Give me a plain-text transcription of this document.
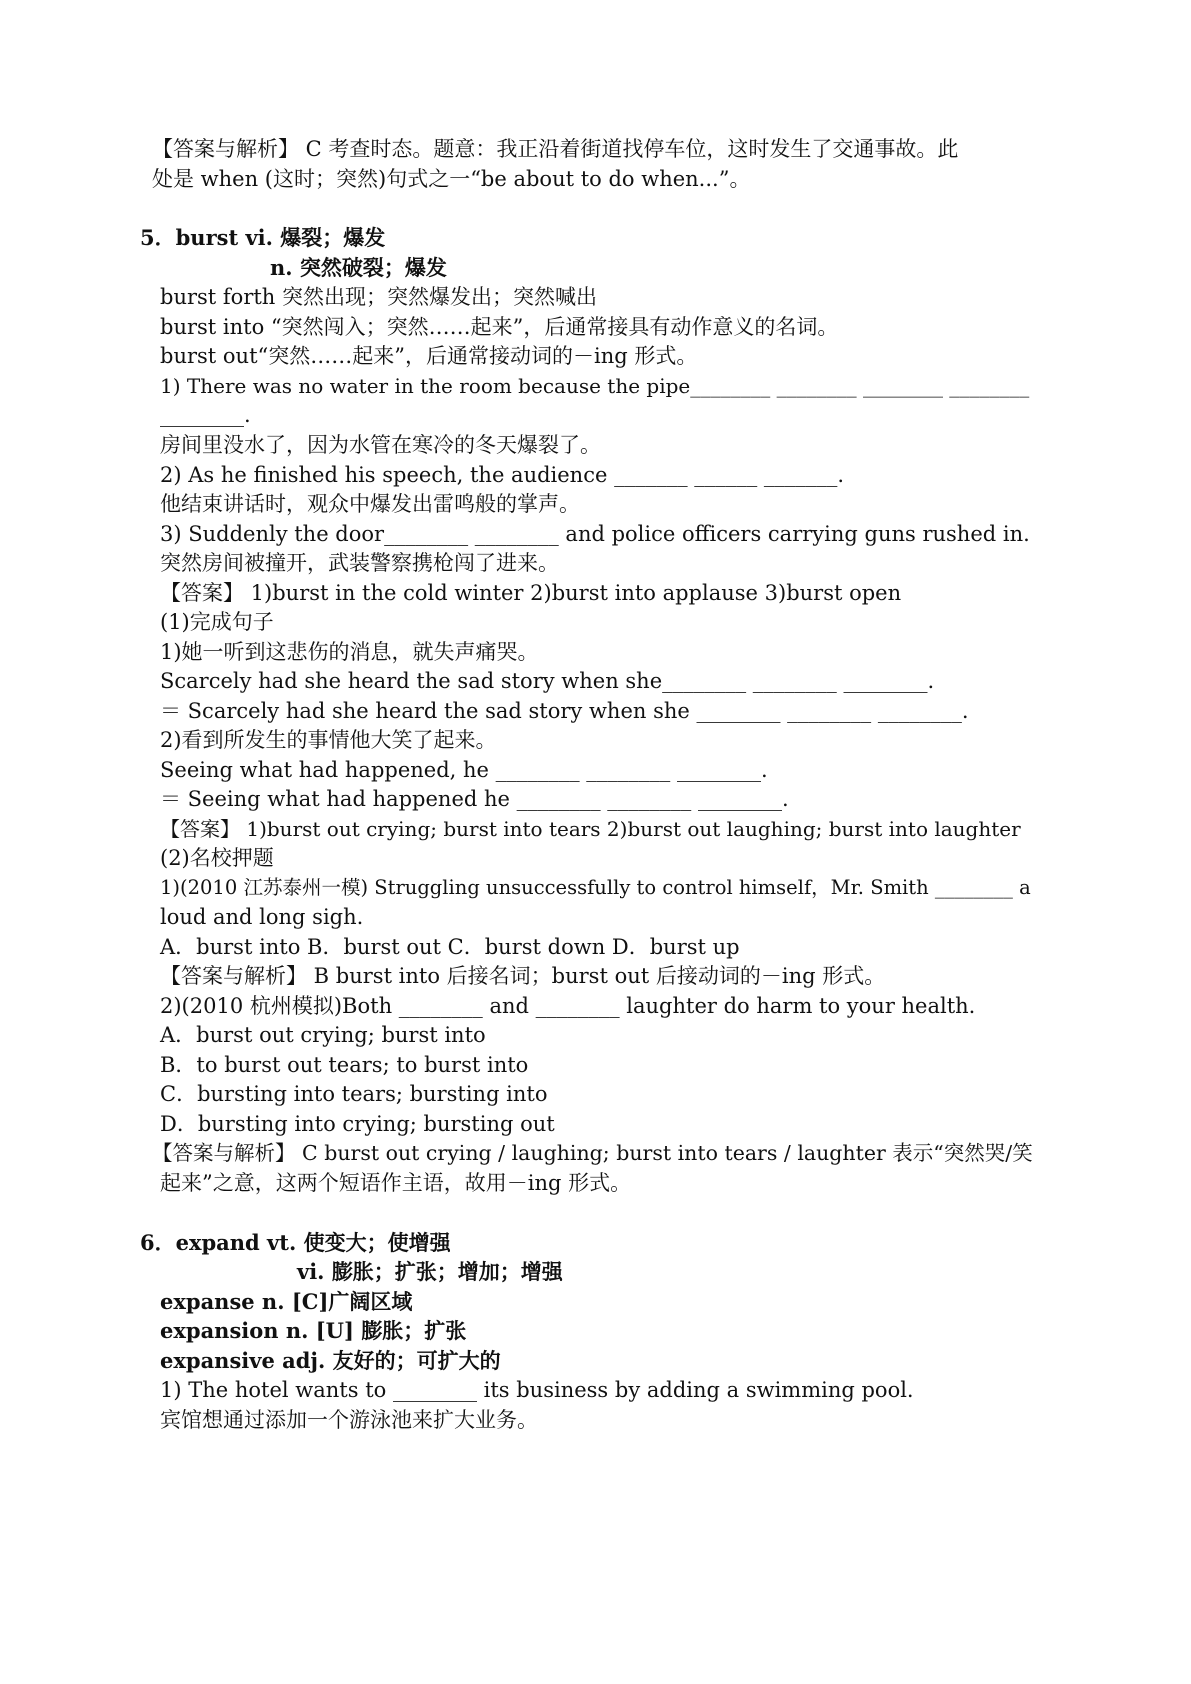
【答案与解析】 C 考查时态。题意：我正沿着街道找停车位，这时发生了交通事故。此
处是 when (这时；突然)句式之一“be about to do when...”。
5．burst vi. 爆裂；爆发
n. 突然破裂；爆发
burst forth 突然出现；突然爆发出；突然喊出
burst into “突然闯入；突然……起来”，后通常接具有动作意义的名词。
burst out“突然……起来”，后通常接动词的－ing 形式。
1) There was no water in the room because the pipe________ ________ ________ ________
________.
房间里没水了，因为水管在寒冷的冬天爆裂了。
2) As he finished his speech, the audience _______ ______ _______.
他结束讲话时，观众中爆发出雷鸣般的掌声。
3) Suddenly the door________ ________ and police officers carrying guns rushed in.
突然房间被撞开，武装警察携枪闯了进来。
【答案】 1)burst in the cold winter 2)burst into applause 3)burst open
(1)完成句子
1)她一听到这悲伤的消息，就失声痛哭。
Scarcely had she heard the sad story when she________ ________ ________.
＝ Scarcely had she heard the sad story when she ________ ________ ________.
2)看到所发生的事情他大笑了起来。
Seeing what had happened, he ________ ________ ________.
＝ Seeing what had happened he ________ ________ ________.
【答案】 1)burst out crying; burst into tears 2)burst out laughing; burst into laughter
(2)名校押题
1)(2010 江苏泰州一模) Struggling unsuccessfully to control himself，Mr. Smith ________ a
loud and long sigh.
A．burst into B．burst out C．burst down D．burst up
【答案与解析】 B burst into 后接名词；burst out 后接动词的－ing 形式。
2)(2010 杭州模拟)Both ________ and ________ laughter do harm to your health.
A．burst out crying; burst into
B．to burst out tears; to burst into
C．bursting into tears; bursting into
D．bursting into crying; bursting out
【答案与解析】 C burst out crying / laughing; burst into tears / laughter 表示“突然哭/笑
起来”之意，这两个短语作主语，故用－ing 形式。
6．expand vt. 使变大；使增强
vi. 膨胀；扩张；增加；增强
expanse n. [C]广阔区域
expansion n. [U] 膨胀；扩张
expansive adj. 友好的；可扩大的
1) The hotel wants to ________ its business by adding a swimming pool.
宾馆想通过添加一个游泳池来扩大业务。
